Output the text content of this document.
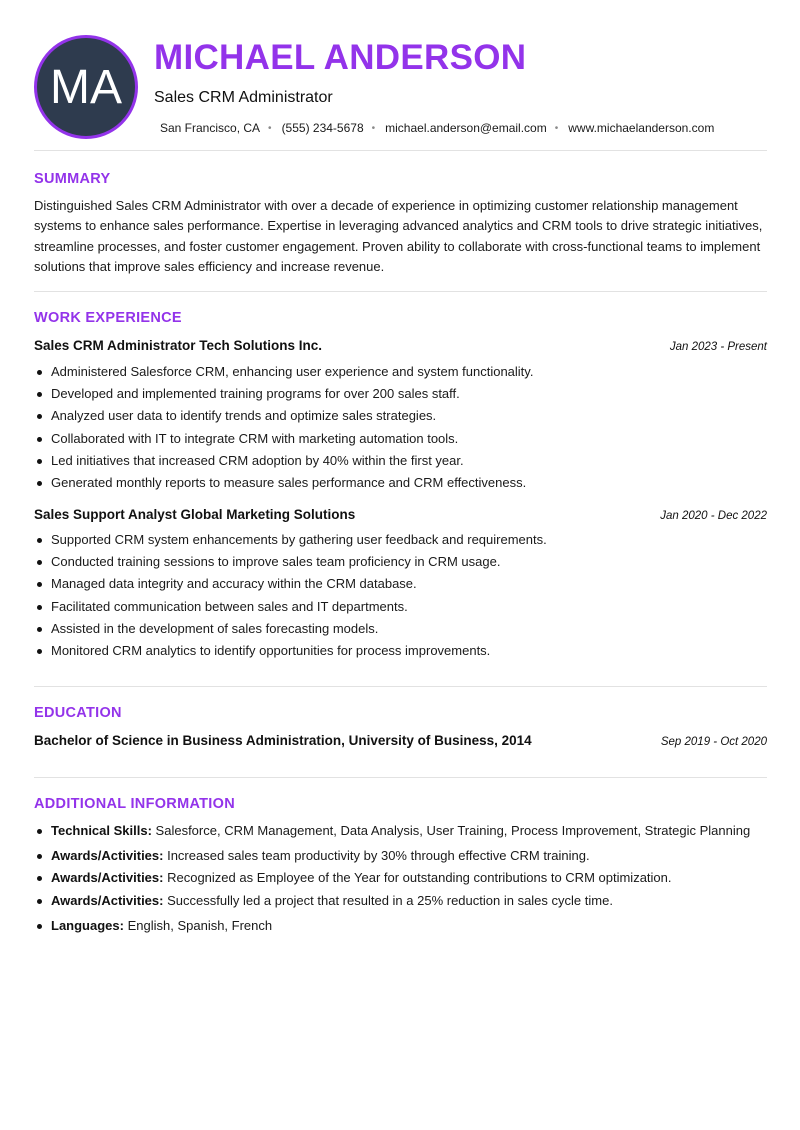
MA
MICHAEL ANDERSON
Sales CRM Administrator
San Francisco, CA • (555) 234-5678 • michael.anderson@email.com • www.michaelanderson.com
SUMMARY
Distinguished Sales CRM Administrator with over a decade of experience in optimizing customer relationship management systems to enhance sales performance. Expertise in leveraging advanced analytics and CRM tools to drive strategic initiatives, streamline processes, and foster customer engagement. Proven ability to collaborate with cross-functional teams to implement solutions that improve sales efficiency and increase revenue.
WORK EXPERIENCE
Sales CRM Administrator Tech Solutions Inc.	Jan 2023 - Present
Administered Salesforce CRM, enhancing user experience and system functionality.
Developed and implemented training programs for over 200 sales staff.
Analyzed user data to identify trends and optimize sales strategies.
Collaborated with IT to integrate CRM with marketing automation tools.
Led initiatives that increased CRM adoption by 40% within the first year.
Generated monthly reports to measure sales performance and CRM effectiveness.
Sales Support Analyst Global Marketing Solutions	Jan 2020 - Dec 2022
Supported CRM system enhancements by gathering user feedback and requirements.
Conducted training sessions to improve sales team proficiency in CRM usage.
Managed data integrity and accuracy within the CRM database.
Facilitated communication between sales and IT departments.
Assisted in the development of sales forecasting models.
Monitored CRM analytics to identify opportunities for process improvements.
EDUCATION
Bachelor of Science in Business Administration, University of Business, 2014	Sep 2019 - Oct 2020
ADDITIONAL INFORMATION
Technical Skills: Salesforce, CRM Management, Data Analysis, User Training, Process Improvement, Strategic Planning
Awards/Activities: Increased sales team productivity by 30% through effective CRM training.
Awards/Activities: Recognized as Employee of the Year for outstanding contributions to CRM optimization.
Awards/Activities: Successfully led a project that resulted in a 25% reduction in sales cycle time.
Languages: English, Spanish, French
